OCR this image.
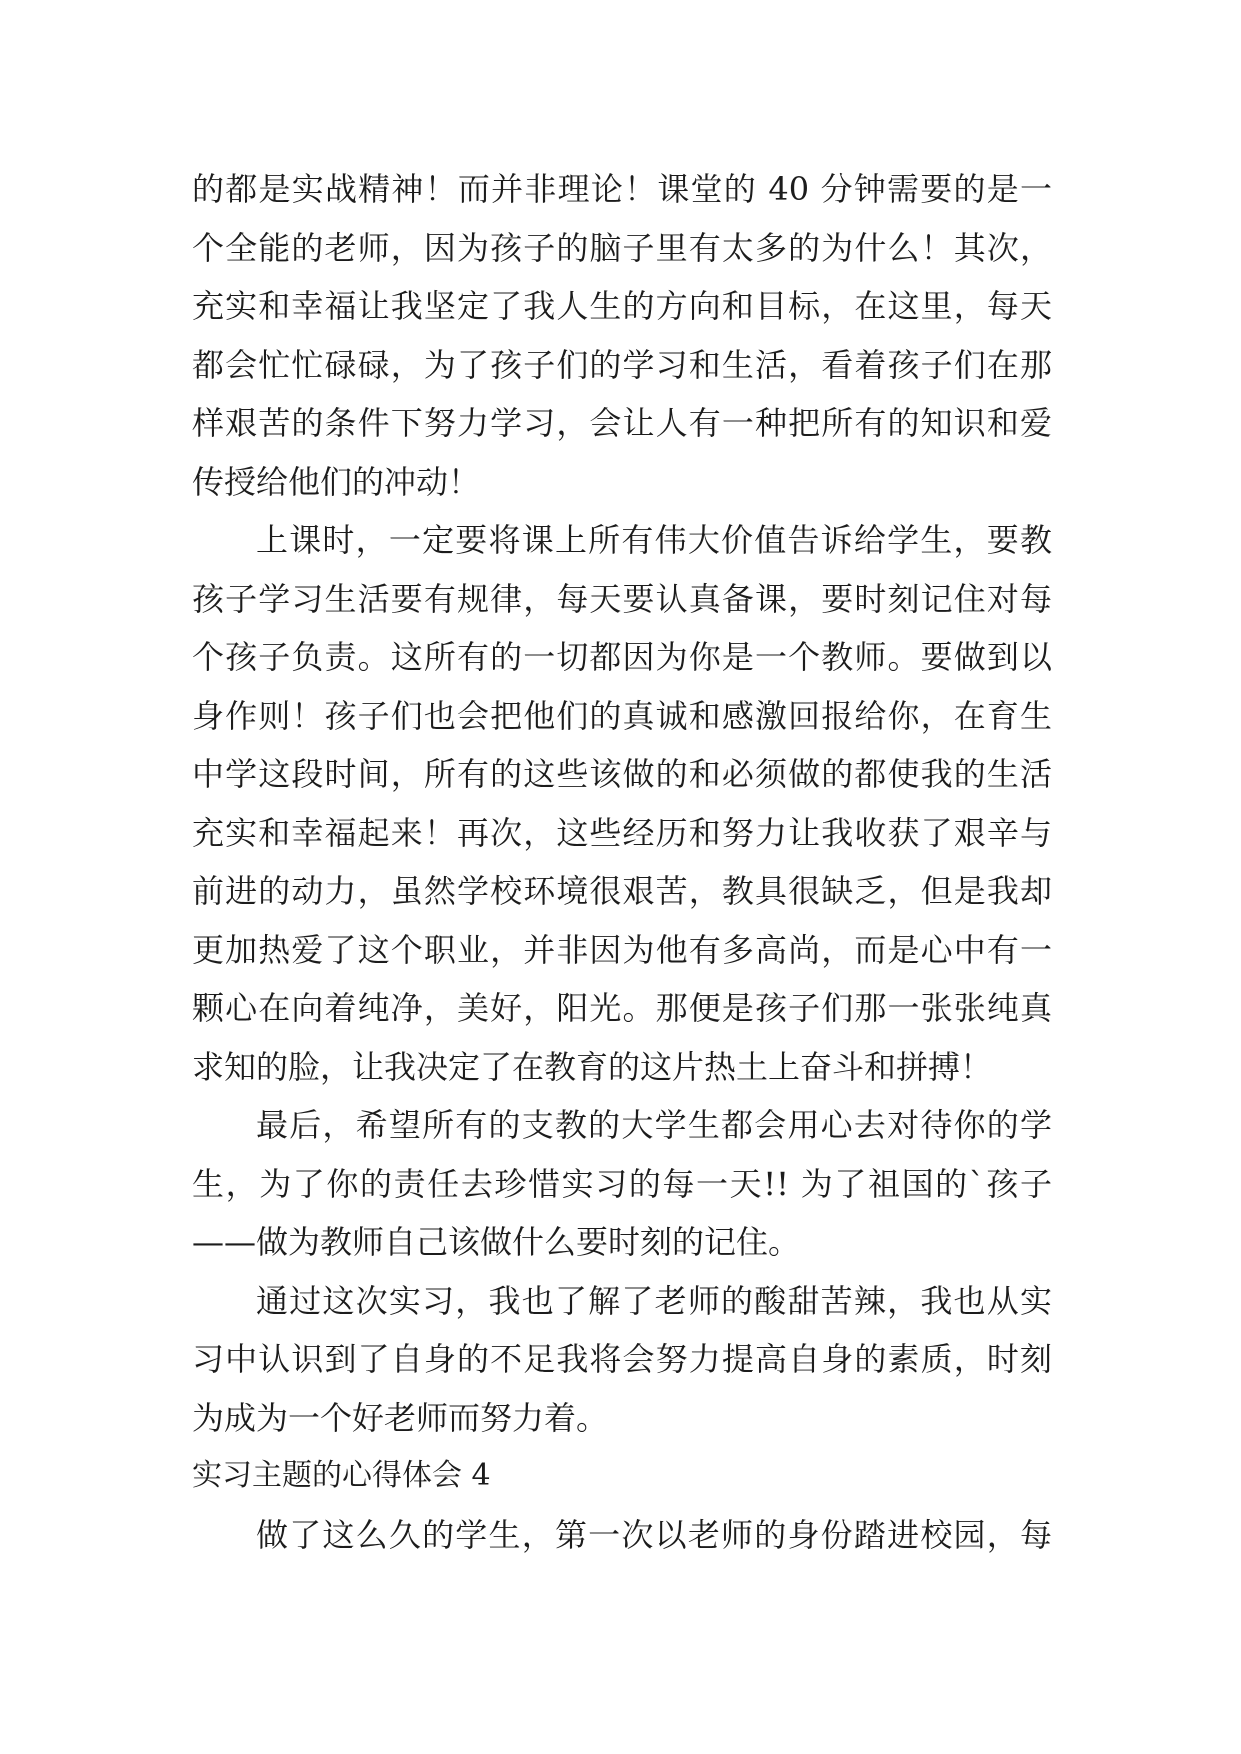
的都是实战精神！而并非理论！课堂的 40 分钟需要的是一
个全能的老师，因为孩子的脑子里有太多的为什么！其次，
充实和幸福让我坚定了我人生的方向和目标，在这里，每天
都会忙忙碌碌，为了孩子们的学习和生活，看着孩子们在那
样艰苦的条件下努力学习，会让人有一种把所有的知识和爱
传授给他们的冲动！
上课时，一定要将课上所有伟大价值告诉给学生，要教
孩子学习生活要有规律，每天要认真备课，要时刻记住对每
个孩子负责。这所有的一切都因为你是一个教师。要做到以
身作则！孩子们也会把他们的真诚和感激回报给你，在育生
中学这段时间，所有的这些该做的和必须做的都使我的生活
充实和幸福起来！再次，这些经历和努力让我收获了艰辛与
前进的动力，虽然学校环境很艰苦，教具很缺乏，但是我却
更加热爱了这个职业，并非因为他有多高尚，而是心中有一
颗心在向着纯净，美好，阳光。那便是孩子们那一张张纯真
求知的脸，让我决定了在教育的这片热土上奋斗和拼搏！
最后，希望所有的支教的大学生都会用心去对待你的学
生，为了你的责任去珍惜实习的每一天!! 为了祖国的`孩子
——做为教师自己该做什么要时刻的记住。
通过这次实习，我也了解了老师的酸甜苦辣，我也从实
习中认识到了自身的不足我将会努力提高自身的素质，时刻
为成为一个好老师而努力着。
实习主题的心得体会 4
做了这么久的学生，第一次以老师的身份踏进校园，每
